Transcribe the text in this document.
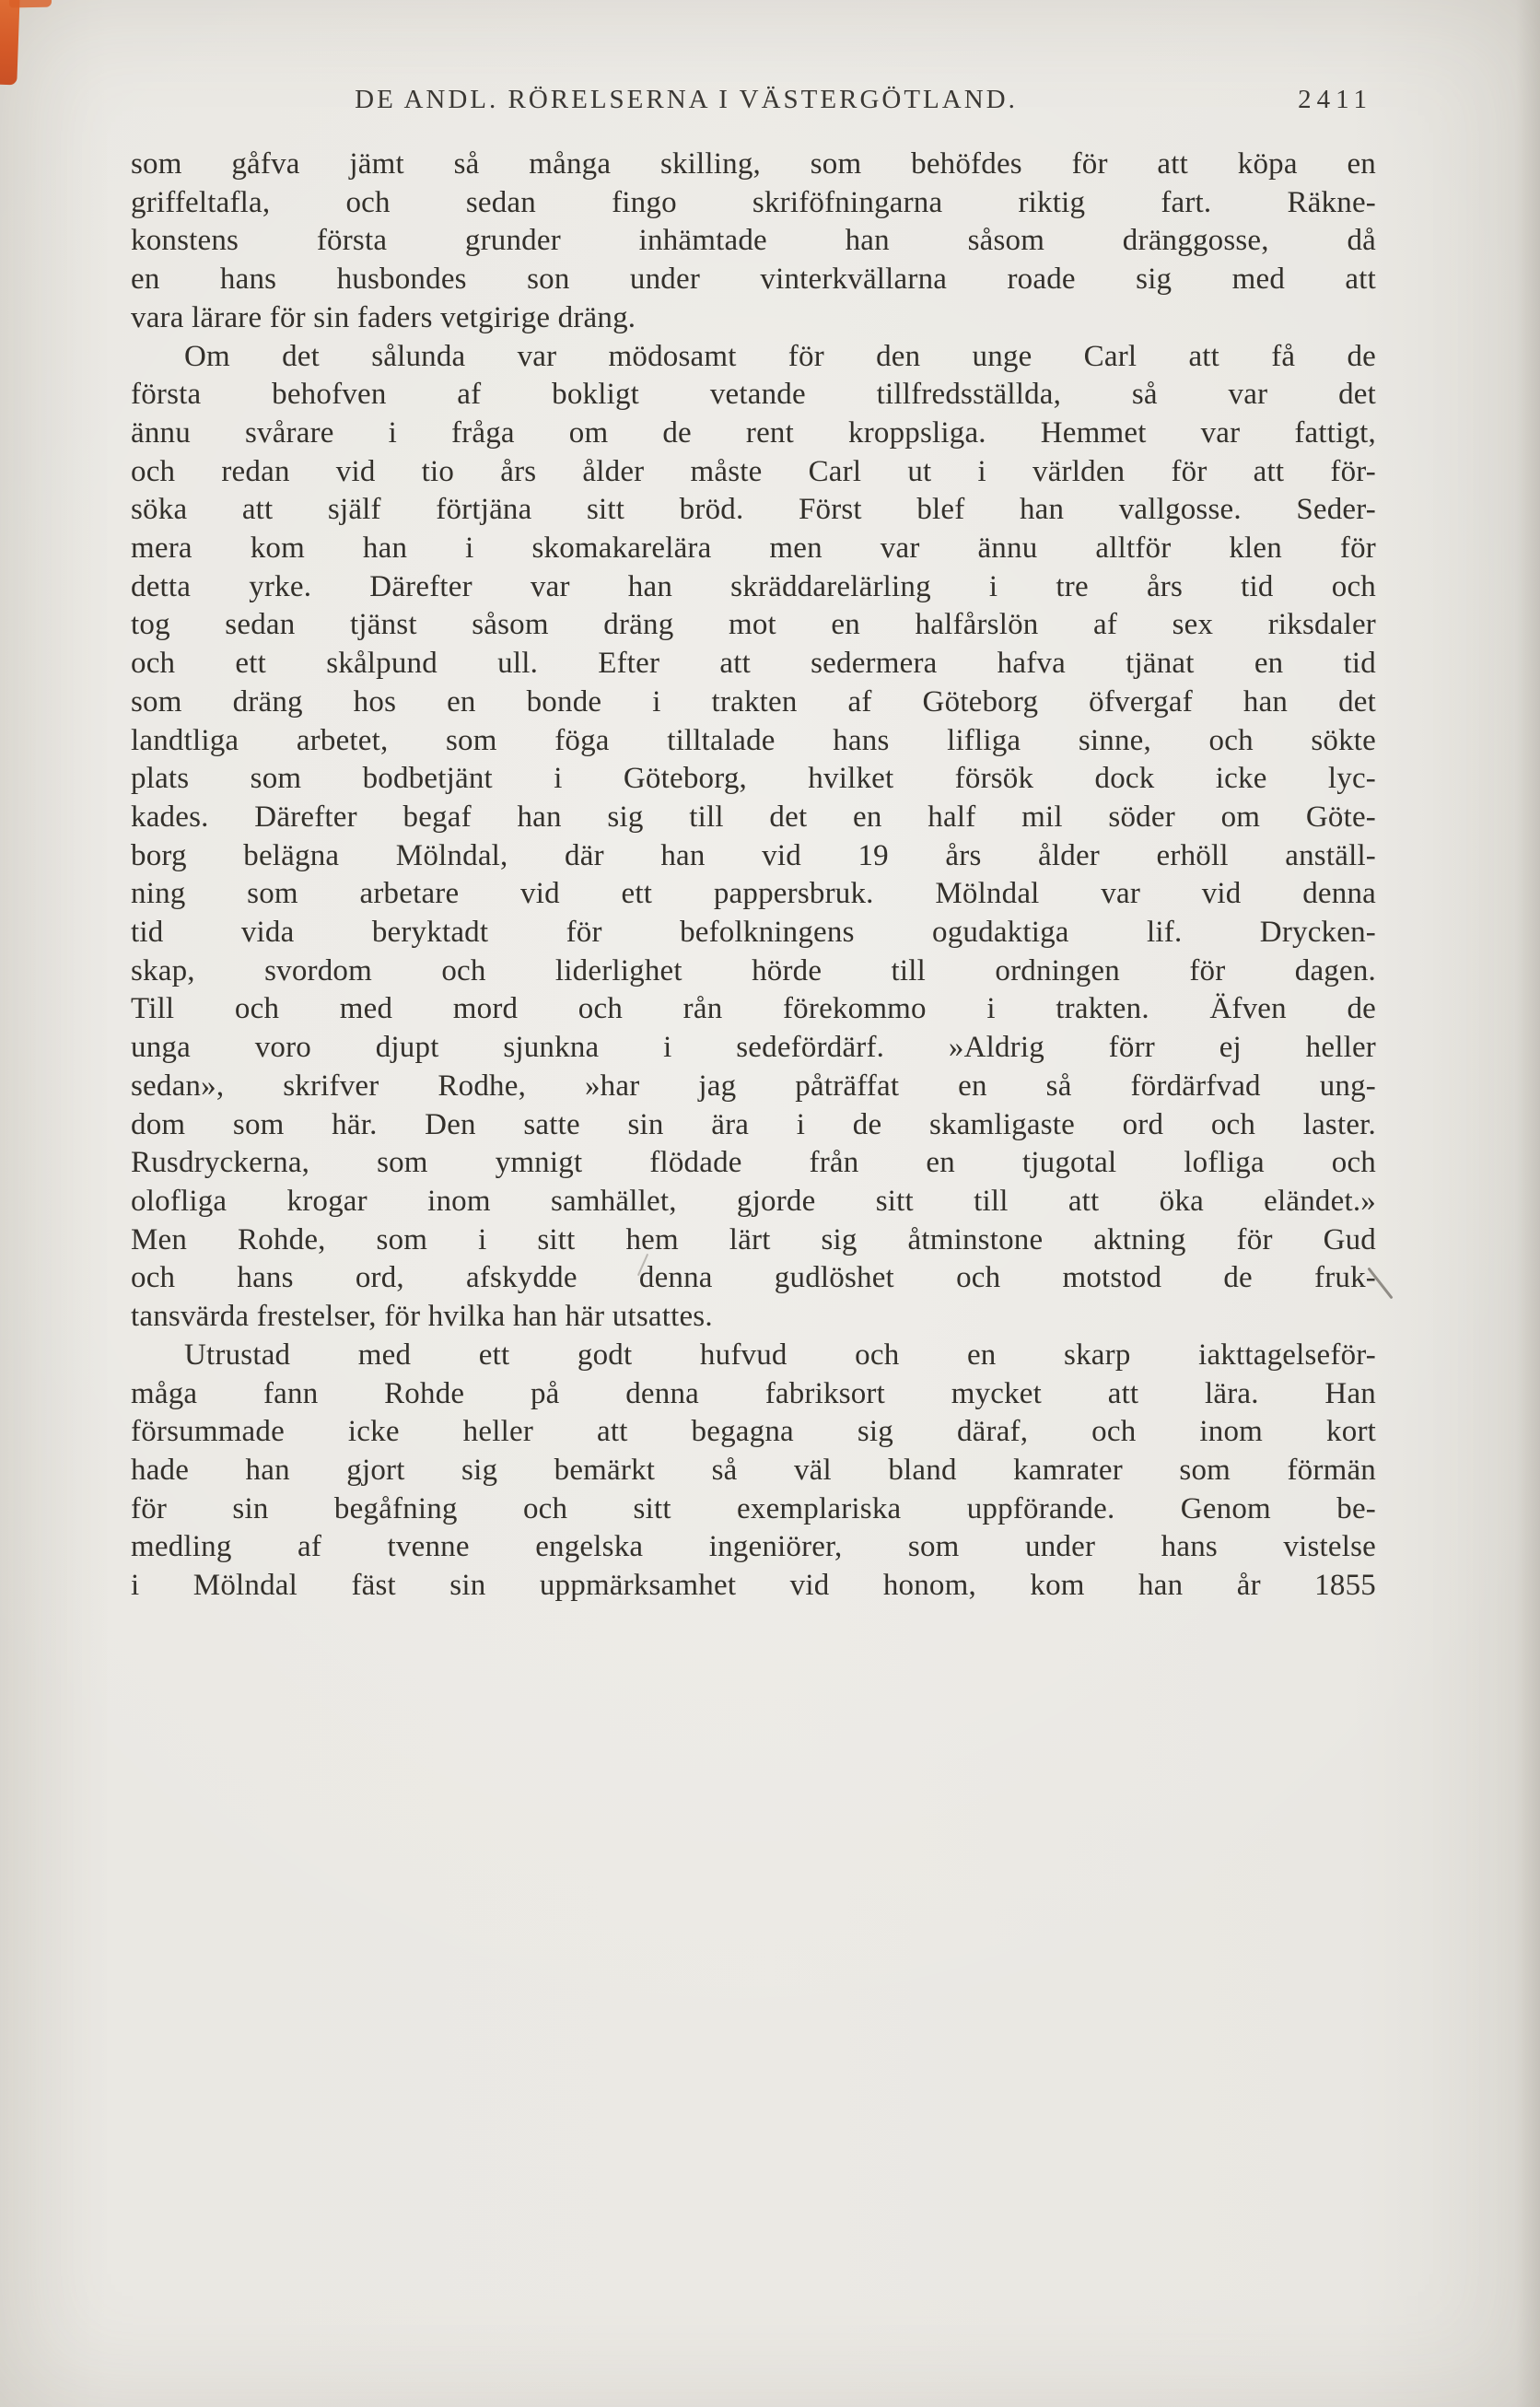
DE ANDL. RÖRELSERNA I VÄSTERGÖTLAND.	2411
som gåfva jämt så många skilling, som behöfdes för att köpa en
griffeltafla, och sedan fingo skriföfningarna riktig fart. Räkne-
konstens första grunder inhämtade han såsom dränggosse, då
en hans husbondes son under vinterkvällarna roade sig med att
vara lärare för sin faders vetgirige dräng.
Om det sålunda var mödosamt för den unge Carl att få de
första behofven af bokligt vetande tillfredsställda, så var det
ännu svårare i fråga om de rent kroppsliga. Hemmet var fattigt,
och redan vid tio års ålder måste Carl ut i världen för att för-
söka att själf förtjäna sitt bröd. Först blef han vallgosse. Seder-
mera kom han i skomakarelära men var ännu alltför klen för
detta yrke. Därefter var han skräddarelärling i tre års tid och
tog sedan tjänst såsom dräng mot en halfårslön af sex riksdaler
och ett skålpund ull. Efter att sedermera hafva tjänat en tid
som dräng hos en bonde i trakten af Göteborg öfvergaf han det
landtliga arbetet, som föga tilltalade hans lifliga sinne, och sökte
plats som bodbetjänt i Göteborg, hvilket försök dock icke lyc-
kades. Därefter begaf han sig till det en half mil söder om Göte-
borg belägna Mölndal, där han vid 19 års ålder erhöll anställ-
ning som arbetare vid ett pappersbruk. Mölndal var vid denna
tid vida beryktadt för befolkningens ogudaktiga lif. Drycken-
skap, svordom och liderlighet hörde till ordningen för dagen.
Till och med mord och rån förekommo i trakten. Äfven de
unga voro djupt sjunkna i sedefördärf. »Aldrig förr ej heller
sedan», skrifver Rodhe, »har jag påträffat en så fördärfvad ung-
dom som här. Den satte sin ära i de skamligaste ord och laster.
Rusdryckerna, som ymnigt flödade från en tjugotal lofliga och
olofliga krogar inom samhället, gjorde sitt till att öka eländet.»
Men Rohde, som i sitt hem lärt sig åtminstone aktning för Gud
och hans ord, afskydde denna gudlöshet och motstod de fruk-
tansvärda frestelser, för hvilka han här utsattes.
Utrustad med ett godt hufvud och en skarp iakttagelseför-
måga fann Rohde på denna fabriksort mycket att lära. Han
försummade icke heller att begagna sig däraf, och inom kort
hade han gjort sig bemärkt så väl bland kamrater som förmän
för sin begåfning och sitt exemplariska uppförande. Genom be-
medling af tvenne engelska ingeniörer, som under hans vistelse
i Mölndal fäst sin uppmärksamhet vid honom, kom han år 1855
